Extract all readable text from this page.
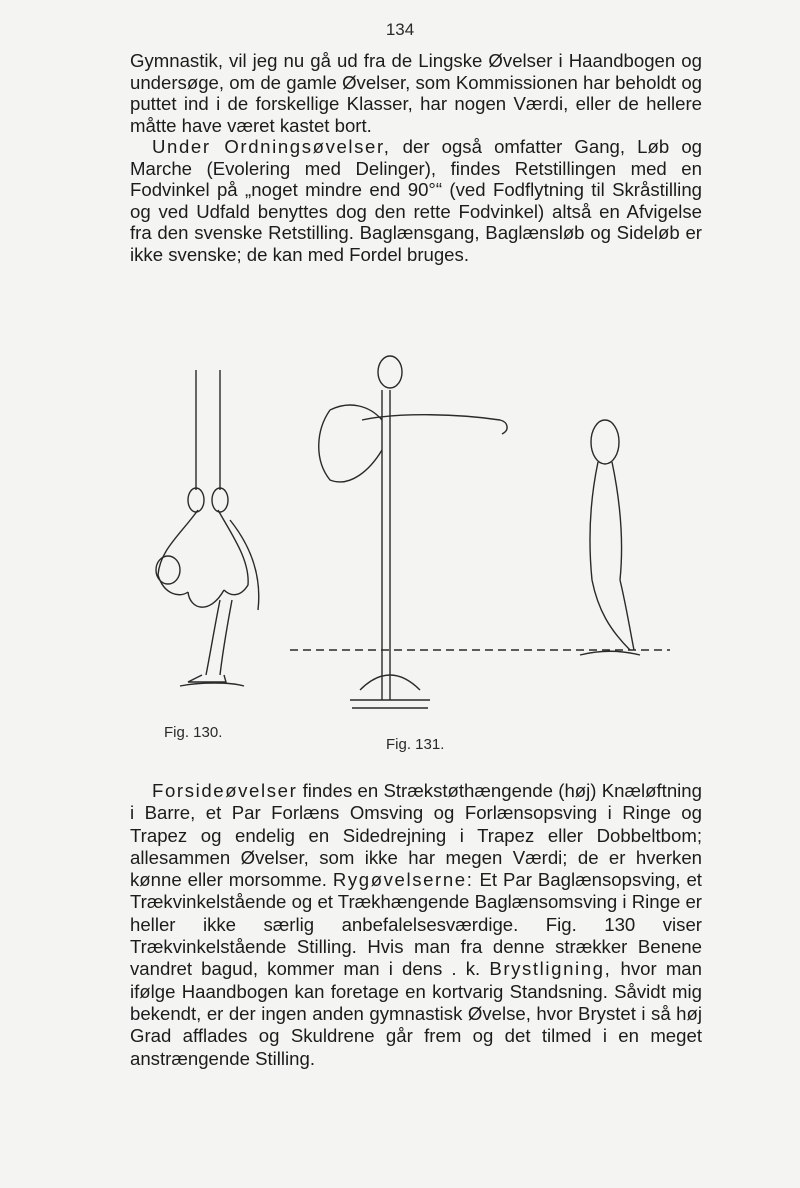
134

Gymnastik, vil jeg nu gå ud fra de Lingske Øvelser i Haandbogen og undersøge, om de gamle Øvelser, som Kommissionen har beholdt og puttet ind i de forskellige Klasser, har nogen Værdi, eller de hellere måtte have været kastet bort.

Under Ordningsøvelser, der også omfatter Gang, Løb og Marche (Evolering med Delinger), findes Retstillingen med en Fodvinkel på „noget mindre end 90°“ (ved Fodflytning til Skråstilling og ved Udfald benyttes dog den rette Fodvinkel) altså en Afvigelse fra den svenske Retstilling. Baglænsgang, Baglænsløb og Sideløb er ikke svenske; de kan med Fordel bruges.

Fig. 130.
Fig. 131.

Forsideøvelser findes en Strækstøthængende (høj) Knæløftning i Barre, et Par Forlæns Omsving og Forlænsopsving i Ringe og Trapez og endelig en Sidedrejning i Trapez eller Dobbeltbom; allesammen Øvelser, som ikke har megen Værdi; de er hverken kønne eller morsomme. Rygøvelserne: Et Par Baglænsopsving, et Trækvinkelstående og et Trækhængende Baglænsomsving i Ringe er heller ikke særlig anbefalelsesværdige. Fig. 130 viser Trækvinkelstående Stilling. Hvis man fra denne strækker Benene vandret bagud, kommer man i dens . k. Brystligning, hvor man ifølge Haandbogen kan foretage en kortvarig Standsning. Såvidt mig bekendt, er der ingen anden gymnastisk Øvelse, hvor Brystet i så høj Grad afflades og Skuldrene går frem og det tilmed i en meget anstrængende Stilling.
